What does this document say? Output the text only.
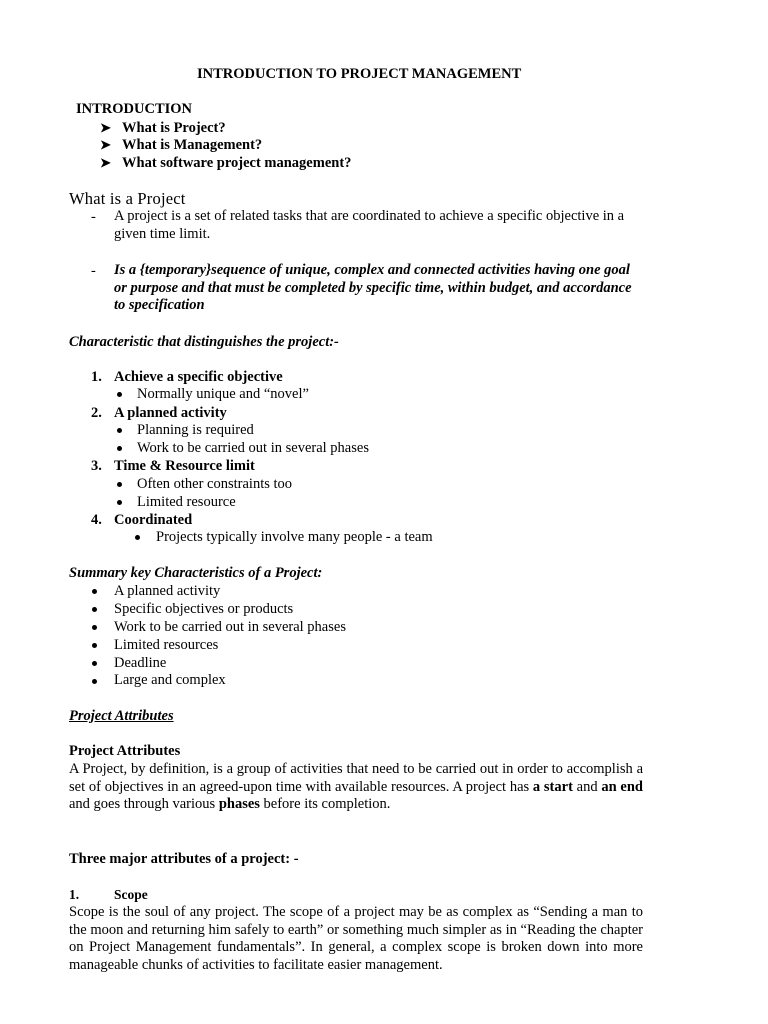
INTRODUCTION TO PROJECT MANAGEMENT
INTRODUCTION
➤ What is Project?
➤ What is Management?
➤ What software project management?
What is a Project
- A project is a set of related tasks that are coordinated to achieve a specific objective in a given time limit.
- Is a {temporary}sequence of unique, complex and connected activities having one goal or purpose and that must be completed by specific time, within budget, and accordance to specification
Characteristic that distinguishes the project:-
1. Achieve a specific objective
Normally unique and “novel”
2. A planned activity
Planning is required
Work to be carried out in several phases
3. Time & Resource limit
Often other constraints too
Limited resource
4. Coordinated
Projects typically involve many people - a team
Summary key Characteristics of a Project:
A planned activity
Specific objectives or products
Work to be carried out in several phases
Limited resources
Deadline
Large and complex
Project Attributes
Project Attributes
A Project, by definition, is a group of activities that need to be carried out in order to accomplish a set of objectives in an agreed-upon time with available resources. A project has a start and an end and goes through various phases before its completion.
Three major attributes of a project: -
1.	Scope
Scope is the soul of any project. The scope of a project may be as complex as “Sending a man to the moon and returning him safely to earth” or something much simpler as in “Reading the chapter on Project Management fundamentals”. In general, a complex scope is broken down into more manageable chunks of activities to facilitate easier management.
